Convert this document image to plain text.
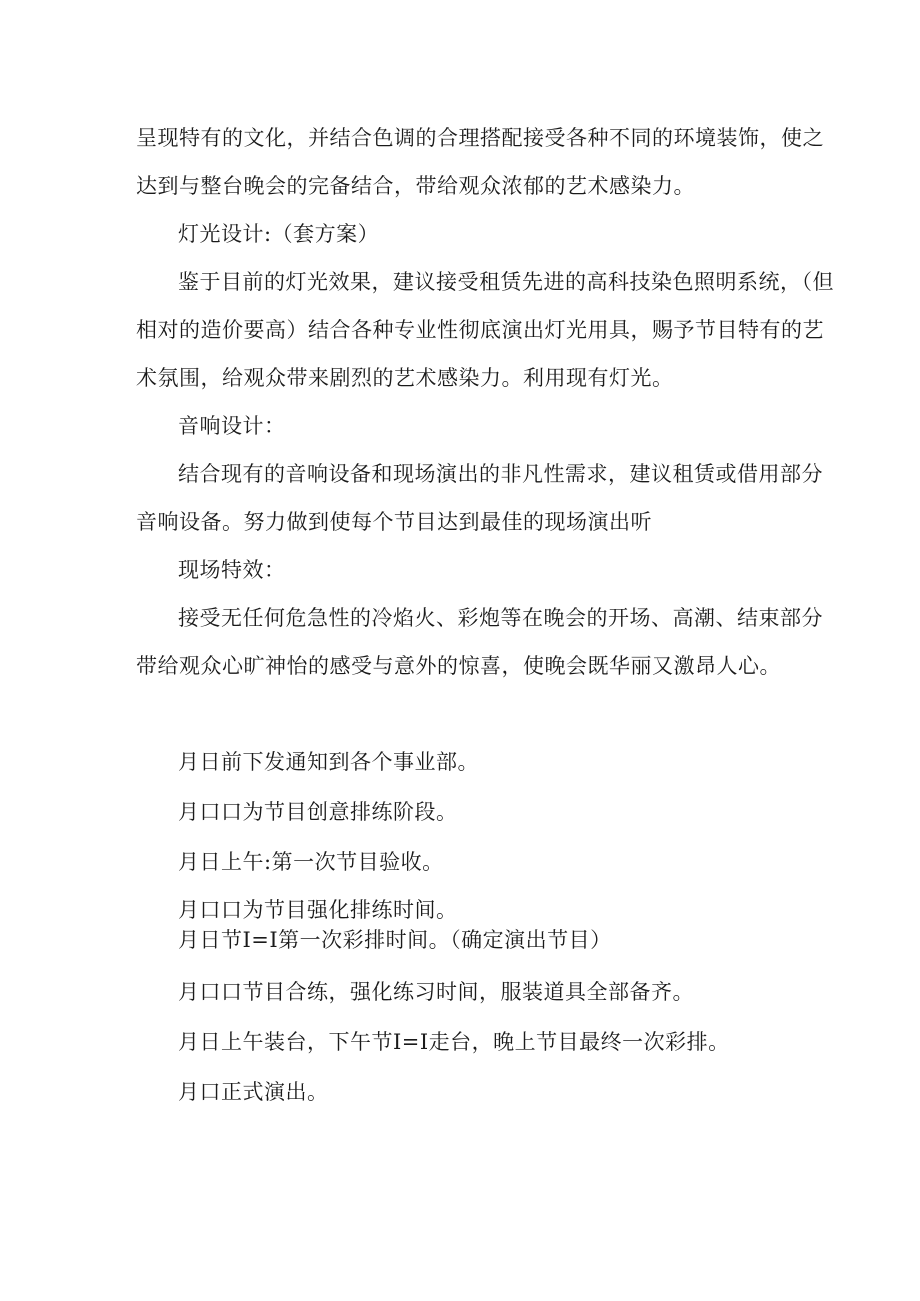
呈现特有的文化，并结合色调的合理搭配接受各种不同的环境装饰，使之
达到与整台晚会的完备结合，带给观众浓郁的艺术感染力。
灯光设计:（套方案）
鉴于目前的灯光效果，建议接受租赁先进的高科技染色照明系统，（但
相对的造价要高）结合各种专业性彻底演出灯光用具，赐予节目特有的艺
术氛围，给观众带来剧烈的艺术感染力。利用现有灯光。
音响设计：
结合现有的音响设备和现场演出的非凡性需求，建议租赁或借用部分
音响设备。努力做到使每个节目达到最佳的现场演出听
现场特效：
接受无任何危急性的冷焰火、彩炮等在晚会的开场、高潮、结束部分
带给观众心旷神怡的感受与意外的惊喜，使晚会既华丽又激昂人心。
月日前下发通知到各个事业部。
月口口为节目创意排练阶段。
月日上午:第一次节目验收。
月口口为节目强化排练时间。
月日节I=I第一次彩排时间。（确定演出节目）
月口口节目合练，强化练习时间，服装道具全部备齐。
月日上午装台，下午节I=I走台，晚上节目最终一次彩排。
月口正式演出。
